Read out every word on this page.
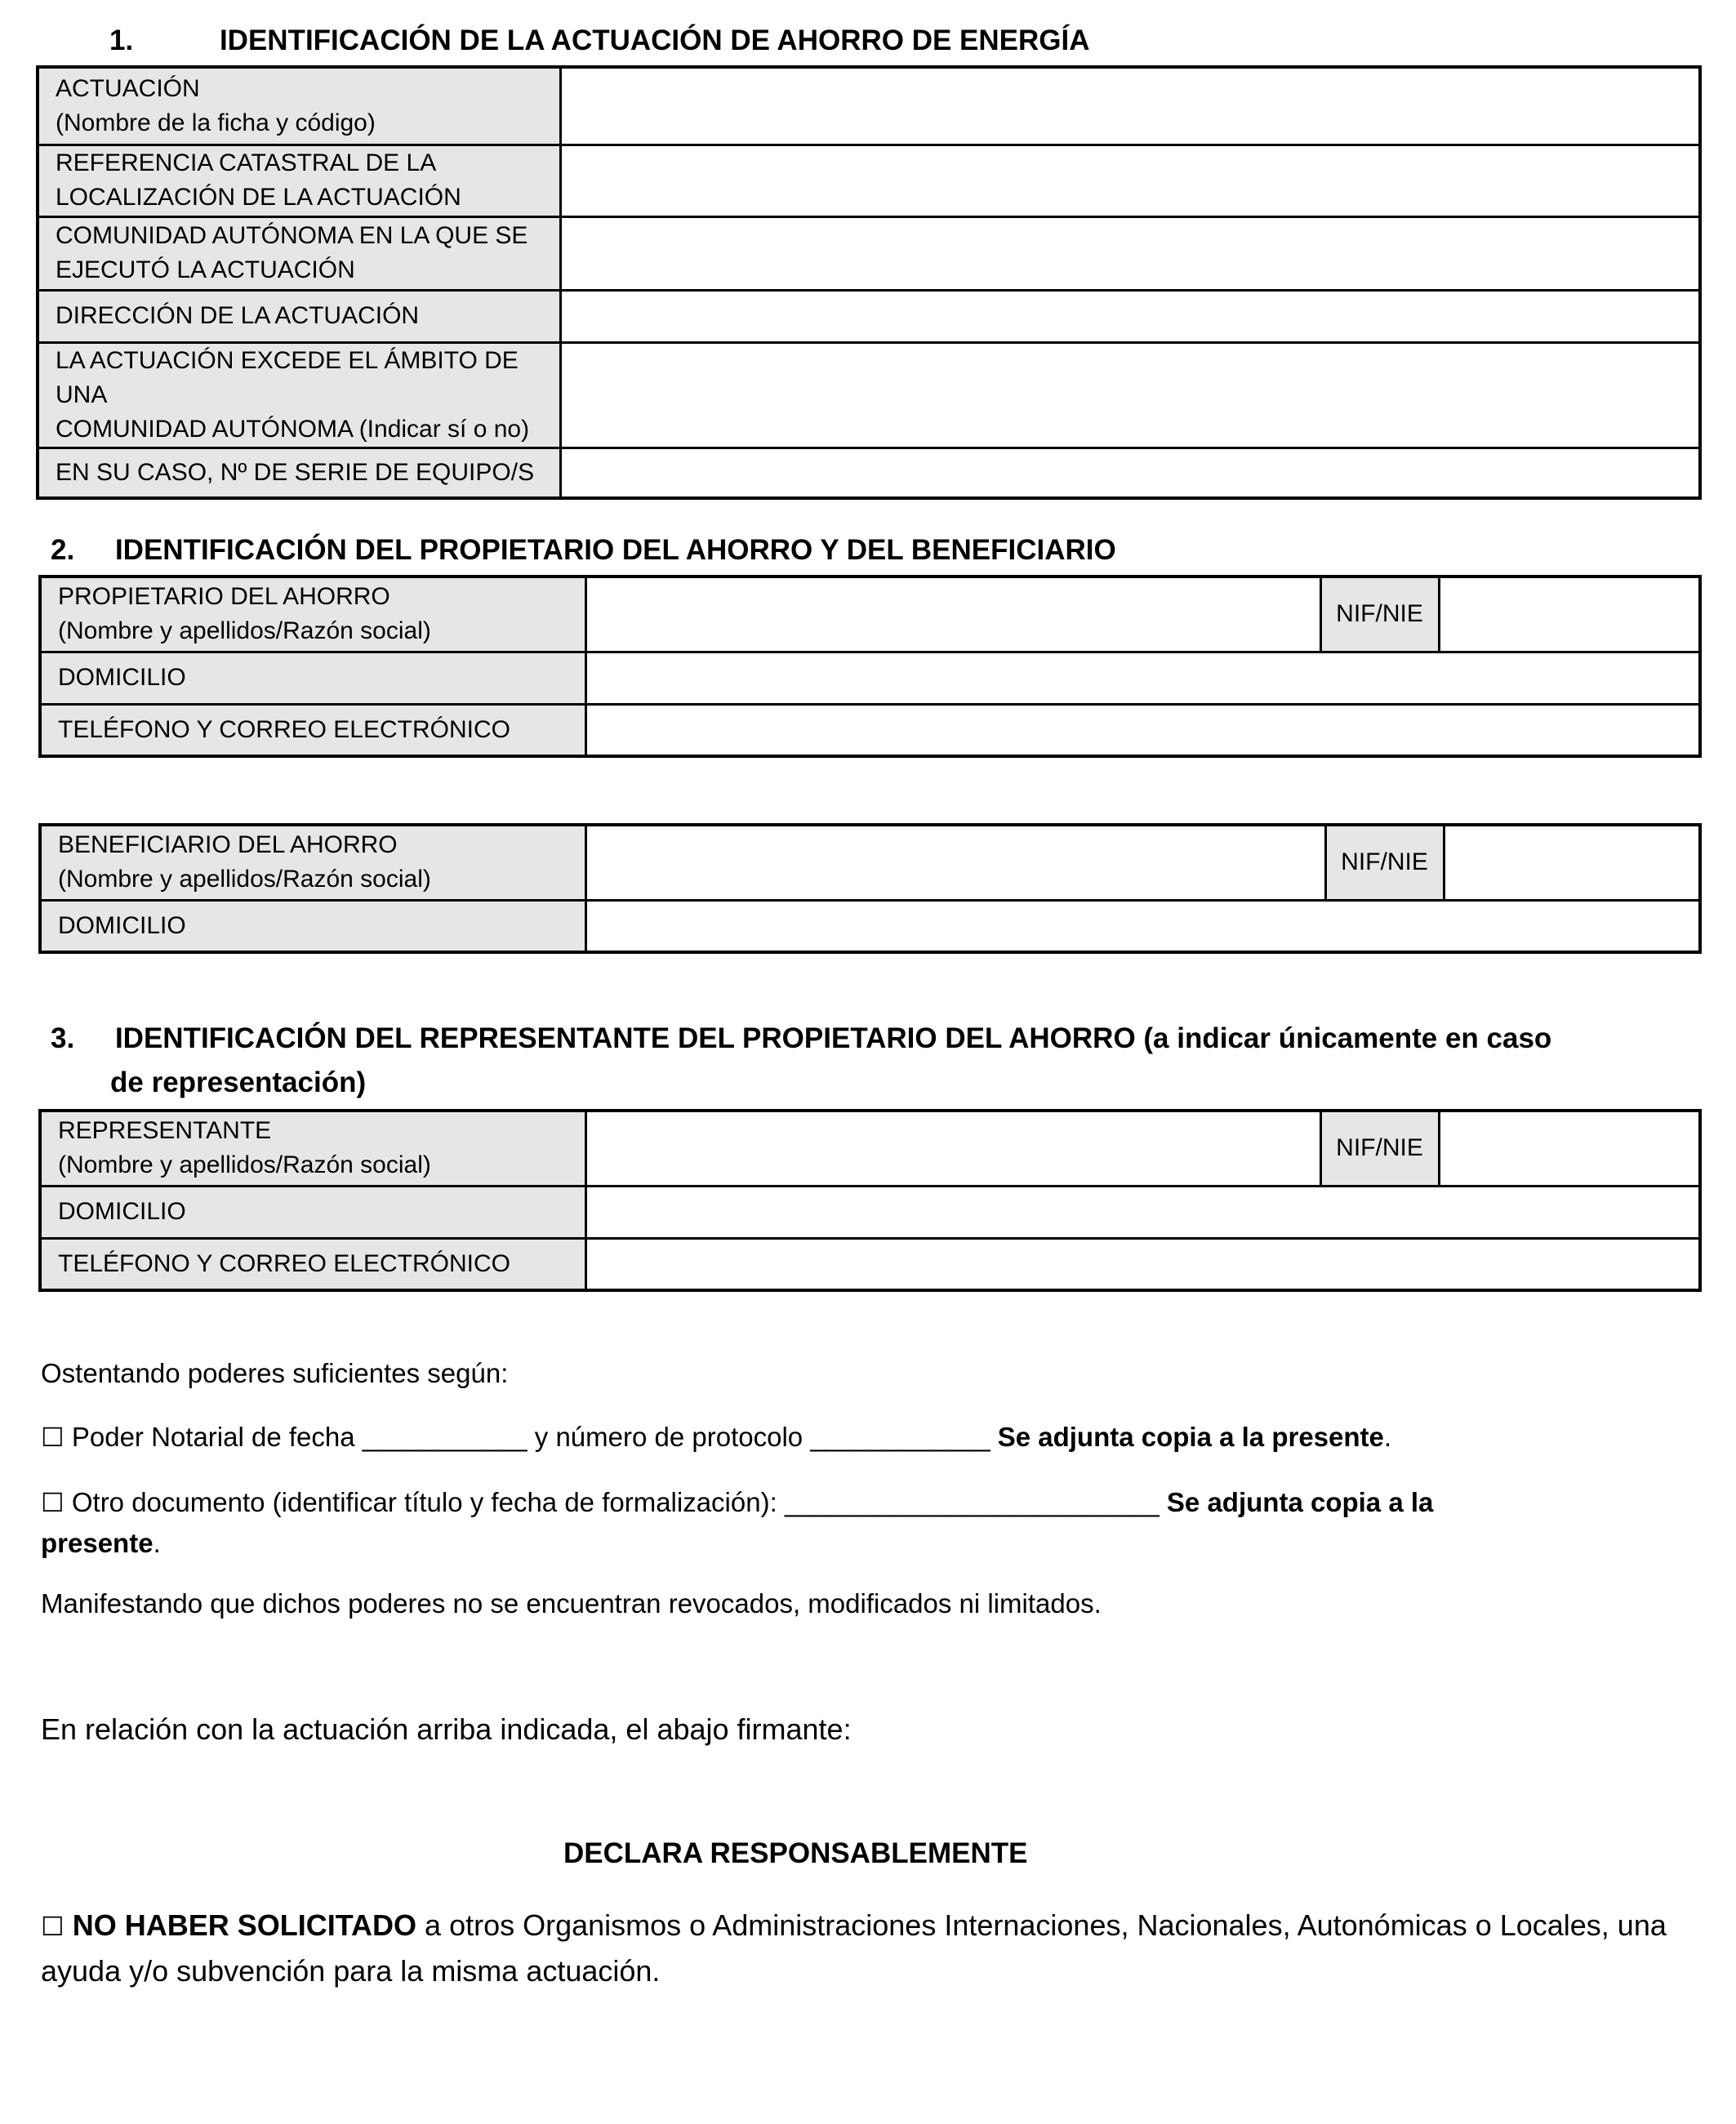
1.	IDENTIFICACIÓN DE LA ACTUACIÓN DE AHORRO DE ENERGÍA
ACTUACIÓN
(Nombre de la ficha y código)	

REFERENCIA CATASTRAL DE LA
LOCALIZACIÓN DE LA ACTUACIÓN	

COMUNIDAD AUTÓNOMA EN LA QUE SE
EJECUTÓ LA ACTUACIÓN	

DIRECCIÓN DE LA ACTUACIÓN	

LA ACTUACIÓN EXCEDE EL ÁMBITO DE UNA
COMUNIDAD AUTÓNOMA (Indicar sí o no)	

EN SU CASO, Nº DE SERIE DE EQUIPO/S	

2. IDENTIFICACIÓN DEL PROPIETARIO DEL AHORRO Y DEL BENEFICIARIO
PROPIETARIO DEL AHORRO
(Nombre y apellidos/Razón social)		NIF/NIE	
DOMICILIO			
TELÉFONO Y CORREO ELECTRÓNICO			
BENEFICIARIO DEL AHORRO
(Nombre y apellidos/Razón social)		NIF/NIE	
DOMICILIO			
3. IDENTIFICACIÓN DEL REPRESENTANTE DEL PROPIETARIO DEL AHORRO (a indicar únicamente en caso
de representación)
REPRESENTANTE
(Nombre y apellidos/Razón social)		NIF/NIE	
DOMICILIO			
TELÉFONO Y CORREO ELECTRÓNICO			
Ostentando poderes suficientes según:
☐ Poder Notarial de fecha ___________ y número de protocolo ____________ Se adjunta copia a la presente.
☐ Otro documento (identificar título y fecha de formalización): _________________________ Se adjunta copia a la
presente.
Manifestando que dichos poderes no se encuentran revocados, modificados ni limitados.
En relación con la actuación arriba indicada, el abajo firmante:
DECLARA RESPONSABLEMENTE
☐ NO HABER SOLICITADO a otros Organismos o Administraciones Internaciones, Nacionales, Autonómicas o Locales, una
ayuda y/o subvención para la misma actuación.
